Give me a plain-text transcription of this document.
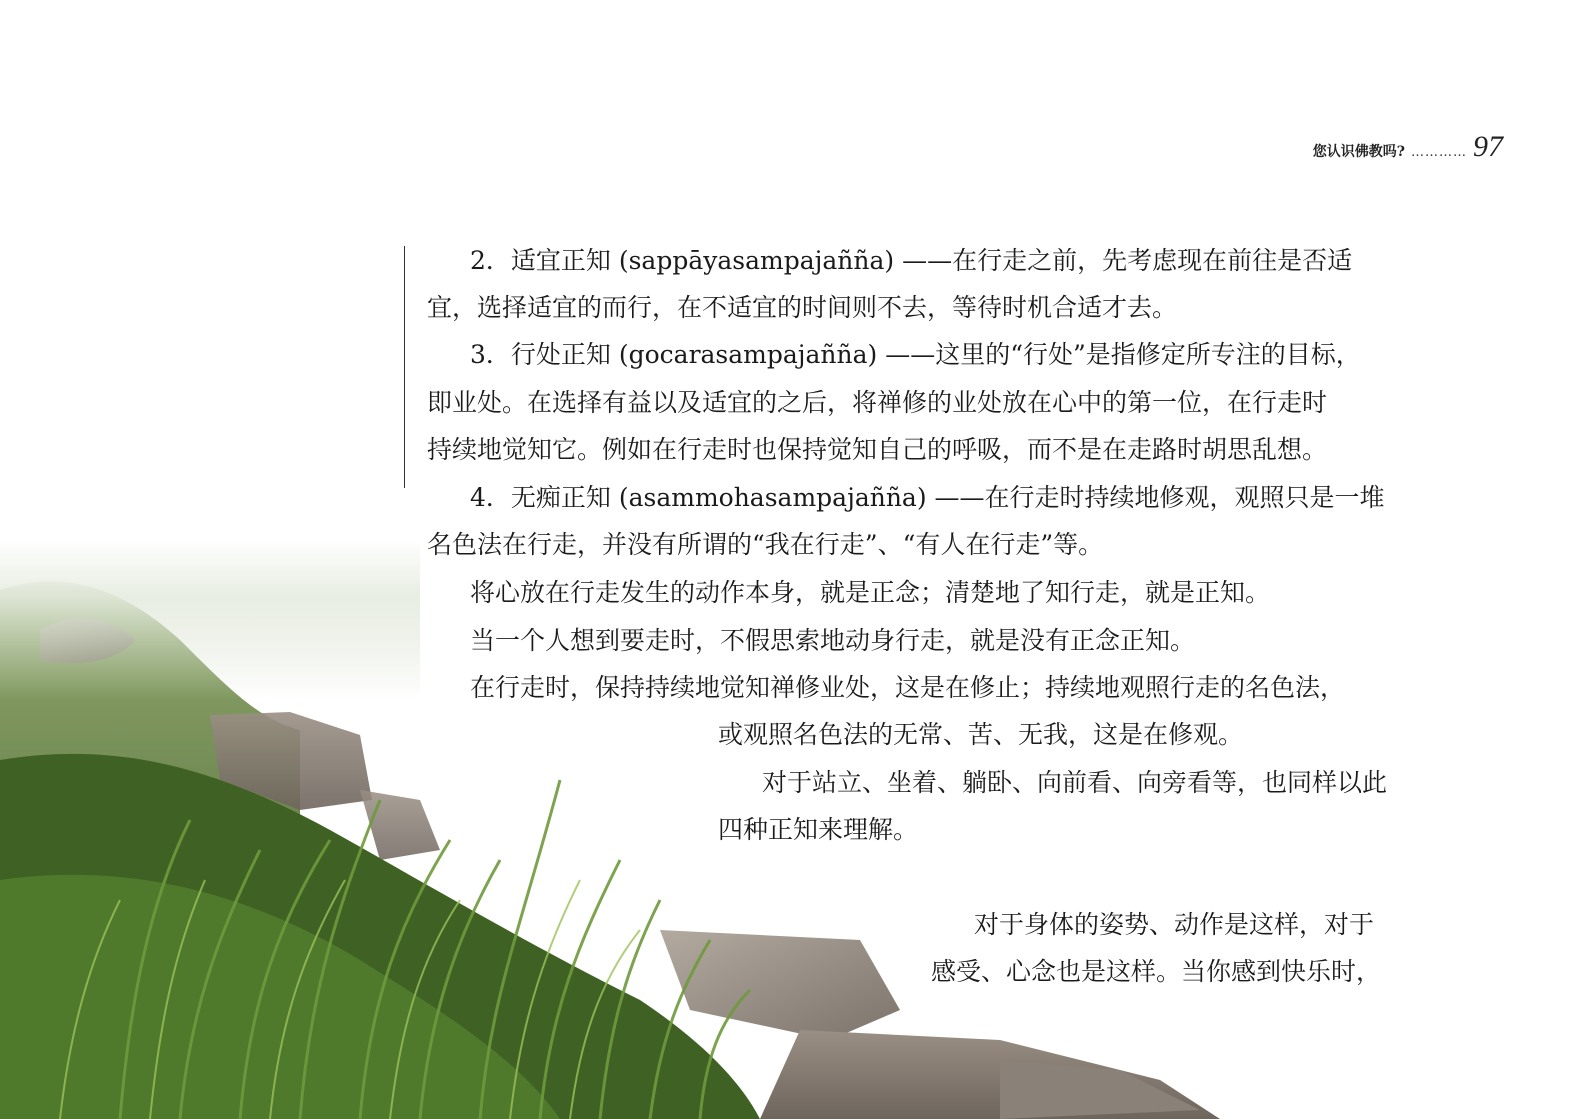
您认识佛教吗? ………… 97
2．适宜正知 (sappāyasampajañña) ——在行走之前，先考虑现在前往是否适
宜，选择适宜的而行，在不适宜的时间则不去，等待时机合适才去。
3．行处正知 (gocarasampajañña) ——这里的“行处”是指修定所专注的目标，
即业处。在选择有益以及适宜的之后，将禅修的业处放在心中的第一位，在行走时
持续地觉知它。例如在行走时也保持觉知自己的呼吸，而不是在走路时胡思乱想。
4．无痴正知 (asammohasampajañña) ——在行走时持续地修观，观照只是一堆
名色法在行走，并没有所谓的“我在行走”、“有人在行走”等。
将心放在行走发生的动作本身，就是正念；清楚地了知行走，就是正知。
当一个人想到要走时，不假思索地动身行走，就是没有正念正知。
在行走时，保持持续地觉知禅修业处，这是在修止；持续地观照行走的名色法，
或观照名色法的无常、苦、无我，这是在修观。
对于站立、坐着、躺卧、向前看、向旁看等，也同样以此
四种正知来理解。
对于身体的姿势、动作是这样，对于
感受、心念也是这样。当你感到快乐时，
